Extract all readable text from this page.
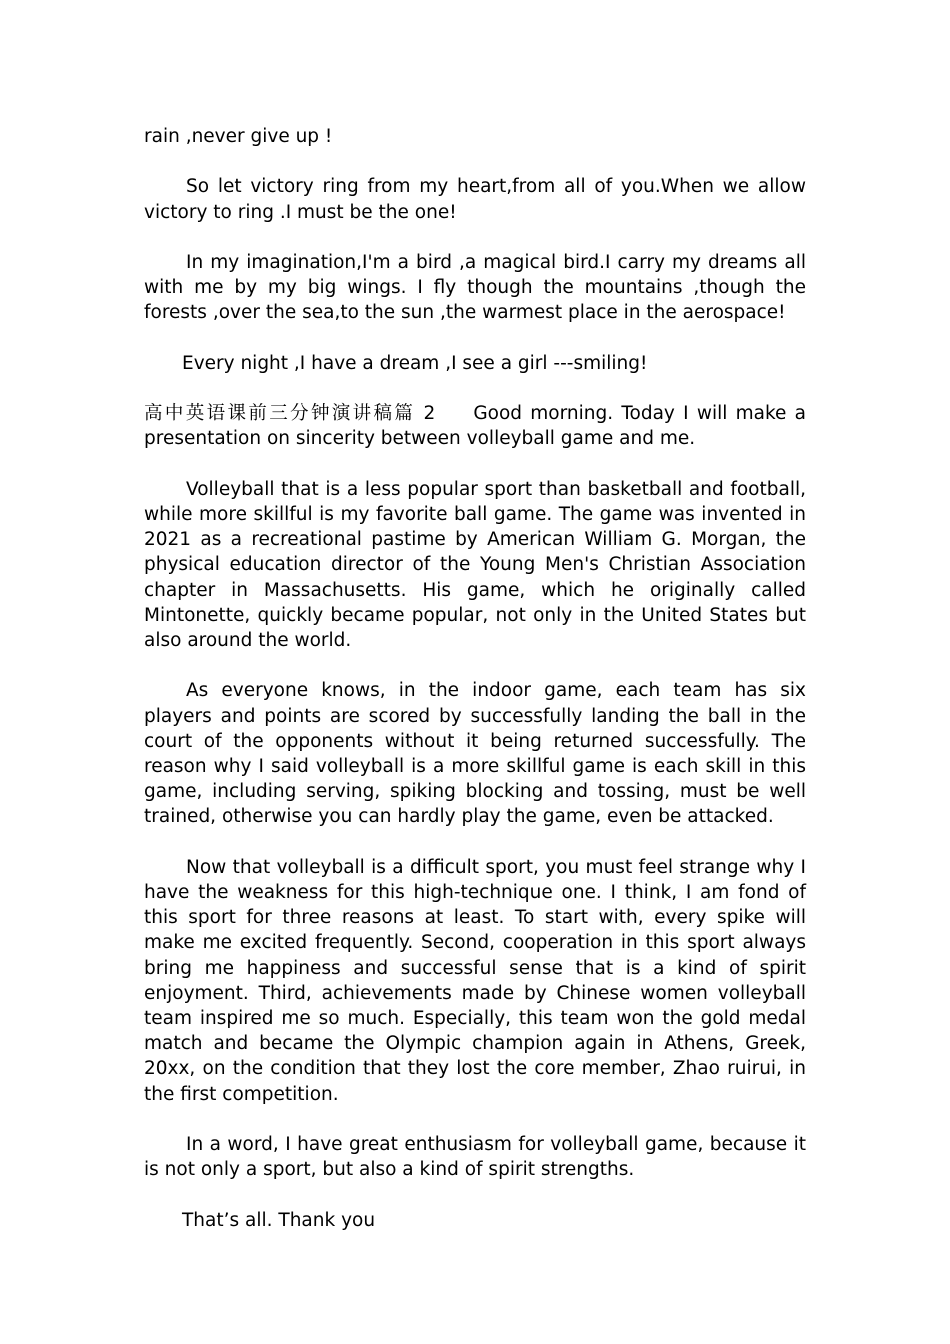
rain ,never give up !

So let victory ring from my heart,from all of you.When we allow victory to ring .I must be the one!

In my imagination,I'm a bird ,a magical bird.I carry my dreams all with me by my big wings. I fly though the mountains ,though the forests ,over the sea,to the sun ,the warmest place in the aerospace!

Every night ,I have a dream ,I see a girl ---smiling!

高中英语课前三分钟演讲稿篇 2 Good morning. Today I will make a presentation on sincerity between volleyball game and me.

Volleyball that is a less popular sport than basketball and football, while more skillful is my favorite ball game. The game was invented in 2021 as a recreational pastime by American William G. Morgan, the physical education director of the Young Men's Christian Association chapter in Massachusetts. His game, which he originally called Mintonette, quickly became popular, not only in the United States but also around the world.

As everyone knows, in the indoor game, each team has six players and points are scored by successfully landing the ball in the court of the opponents without it being returned successfully. The reason why I said volleyball is a more skillful game is each skill in this game, including serving, spiking blocking and tossing, must be well trained, otherwise you can hardly play the game, even be attacked.

Now that volleyball is a difficult sport, you must feel strange why I have the weakness for this high-technique one. I think, I am fond of this sport for three reasons at least. To start with, every spike will make me excited frequently. Second, cooperation in this sport always bring me happiness and successful sense that is a kind of spirit enjoyment. Third, achievements made by Chinese women volleyball team inspired me so much. Especially, this team won the gold medal match and became the Olympic champion again in Athens, Greek, 20xx, on the condition that they lost the core member, Zhao ruirui, in the first competition.

In a word, I have great enthusiasm for volleyball game, because it is not only a sport, but also a kind of spirit strengths.

That’s all. Thank you
